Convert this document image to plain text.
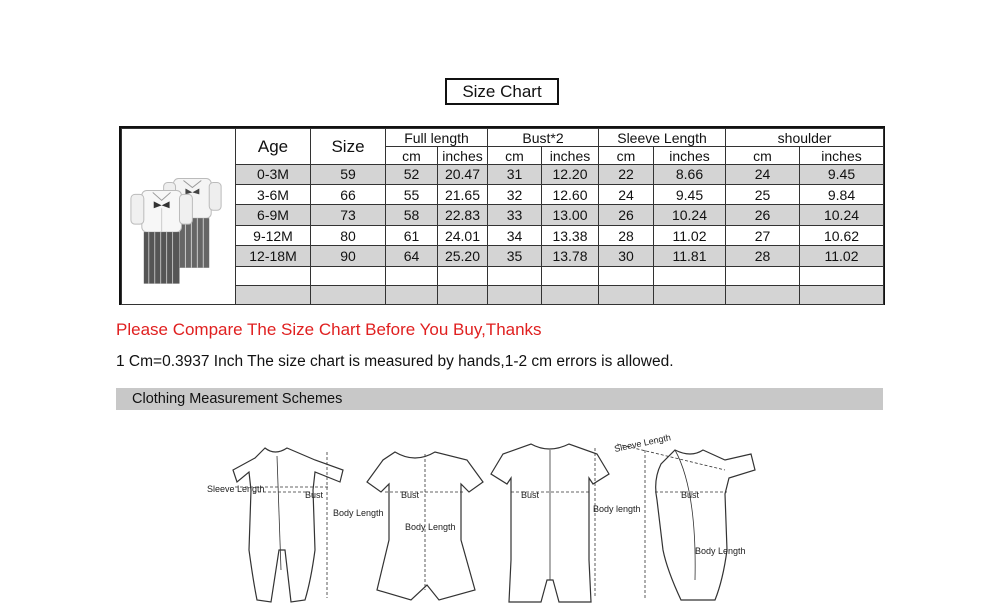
Size Chart
	Age	Size	Full length		Bust*2		Sleeve Length		shoulder	
			cm	inches	cm	inches	cm	inches	cm	inches
	0-3M	59	52	20.47	31	12.20	22	8.66	24	9.45
	3-6M	66	55	21.65	32	12.60	24	9.45	25	9.84
	6-9M	73	58	22.83	33	13.00	26	10.24	26	10.24
	9-12M	80	61	24.01	34	13.38	28	11.02	27	10.62
	12-18M	90	64	25.20	35	13.78	30	11.81	28	11.02

Please Compare The Size Chart Before You Buy,Thanks
1 Cm=0.3937 Inch The size chart is measured by hands,1-2 cm errors is allowed.
Clothing Measurement Schemes
Sleeve Length
Bust
Body Length
Bust
Body Length
Bust
Body length
Sleeve Length
Bust
Body Length
